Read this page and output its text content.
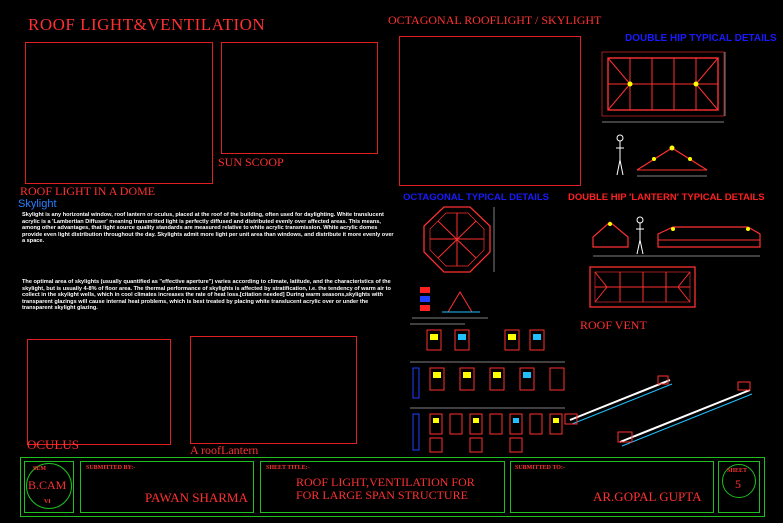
ROOF LIGHT&VENTILATION
SUN SCOOP
ROOF LIGHT IN A DOME
Skylight
Skylight is any horizontal window, roof lantern or oculus, placed at the roof of the building, often used for daylighting. White translucent acrylic is a 'Lambertian Diffuser' meaning transmitted light is perfectly diffused and distributed evenly over affected areas. This means, among other advantages, that light source quality standards are measured relative to white acrylic transmission. White acrylic domes provide even light distribution throughout the day. Skylights admit more light per unit area than windows, and distribute it more evenly over a space.
The optimal area of skylights (usually quantified as "effective aperture") varies according to climate, latitude, and the characteristics of the skylight, but is usually 4-8% of floor area. The thermal performance of skylights is affected by stratification, i.e. the tendency of warm air to collect in the skylight wells, which in cool climates increases the rate of heat loss.[citation needed] During warm seasons,skylights with transparent glazings will cause internal heat problems, which is best treated by placing white translucent acrylic over or under the transparent skylight glazing.
OCULUS	A roofLantern
OCTAGONAL ROOFLIGHT / SKYLIGHT
DOUBLE HIP TYPICAL DETAILS
OCTAGONAL TYPICAL DETAILS DOUBLE HIP 'LANTERN' TYPICAL DETAILS
ROOF VENT
SEM
B.CAM
VI
SUBMITTED BY:-
PAWAN SHARMA
SHEET TITLE:-
ROOF LIGHT,VENTILATION FOR
FOR LARGE SPAN STRUCTURE
SUBMITTED TO:-
AR.GOPAL GUPTA
SHEET
5
